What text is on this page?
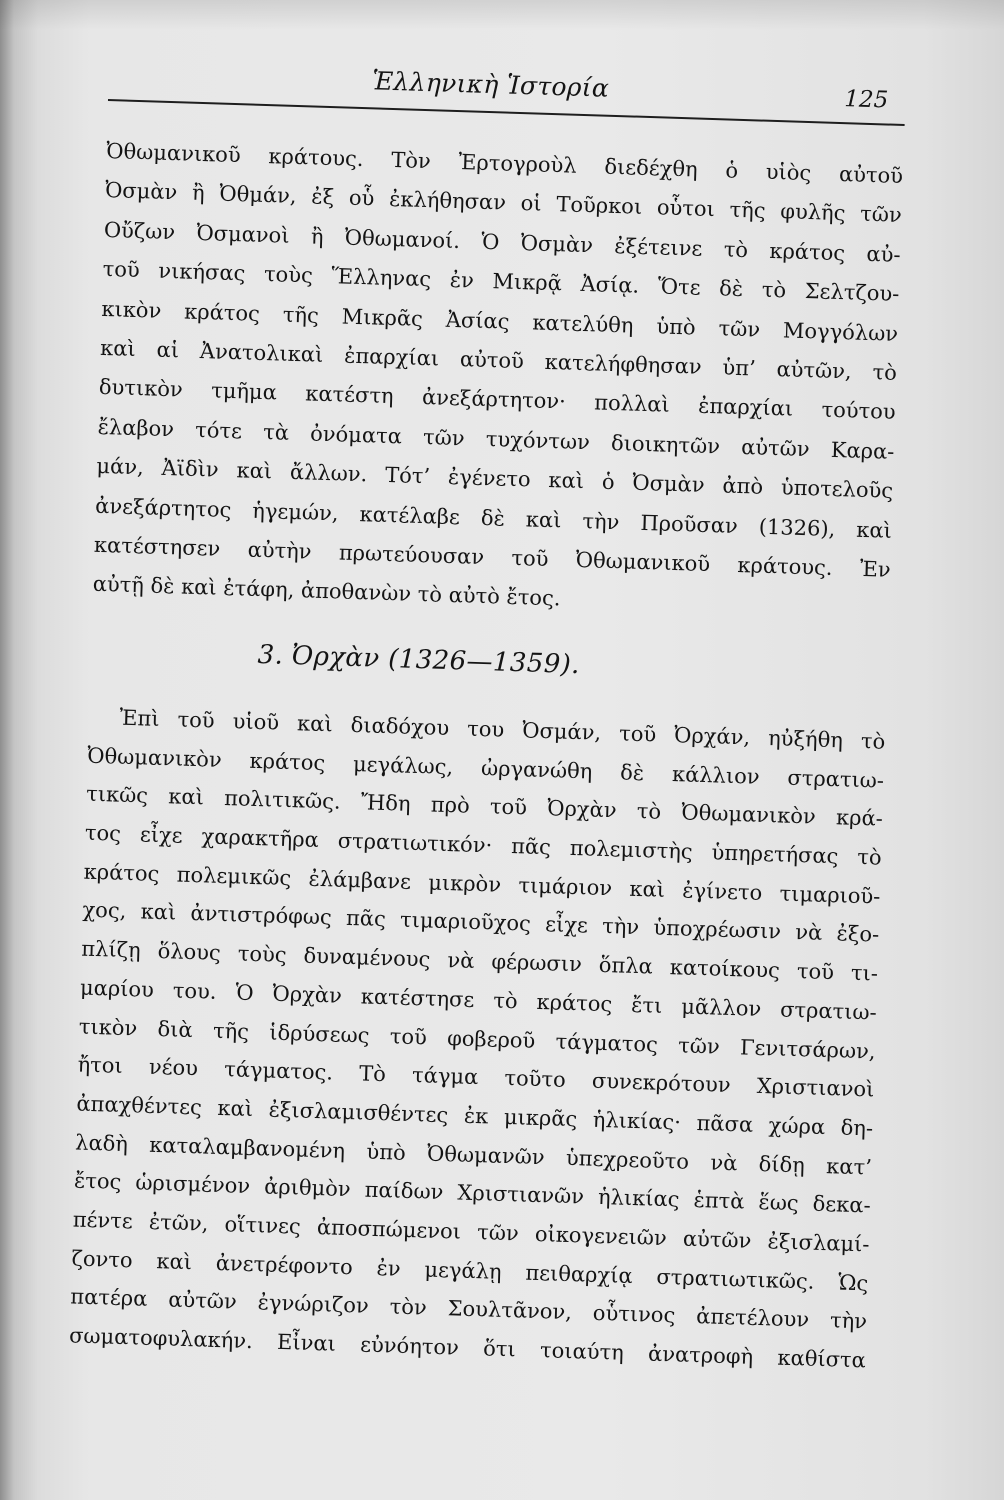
Ἑλληνικὴ Ἱστορία	125
Ὀθωμανικοῦ κράτους. Τὸν Ἐρτογροὺλ διεδέχθη ὁ υἱὸς αὐτοῦ
Ὀσμὰν ἢ Ὀθμάν, ἐξ οὗ ἐκλήθησαν οἱ Τοῦρκοι οὗτοι τῆς φυλῆς τῶν
Οὔζων Ὀσμανοὶ ἢ Ὀθωμανοί. Ὁ Ὀσμὰν ἐξέτεινε τὸ κράτος αὐ-
τοῦ νικήσας τοὺς Ἕλληνας ἐν Μικρᾷ Ἀσίᾳ. Ὅτε δὲ τὸ Σελτζου-
κικὸν κράτος τῆς Μικρᾶς Ἀσίας κατελύθη ὑπὸ τῶν Μογγόλων
καὶ αἱ Ἀνατολικαὶ ἐπαρχίαι αὐτοῦ κατελήφθησαν ὑπ’ αὐτῶν, τὸ
δυτικὸν τμῆμα κατέστη ἀνεξάρτητον· πολλαὶ ἐπαρχίαι τούτου
ἔλαβον τότε τὰ ὀνόματα τῶν τυχόντων διοικητῶν αὐτῶν Καρα-
μάν, Ἀϊδὶν καὶ ἄλλων. Τότ’ ἐγένετο καὶ ὁ Ὀσμὰν ἀπὸ ὑποτελοῦς
ἀνεξάρτητος ἡγεμών, κατέλαβε δὲ καὶ τὴν Προῦσαν (1326), καὶ
κατέστησεν αὐτὴν πρωτεύουσαν τοῦ Ὀθωμανικοῦ κράτους. Ἐν
αὐτῇ δὲ καὶ ἐτάφη, ἀποθανὼν τὸ αὐτὸ ἔτος.
3. Ὀρχὰν (1326—1359).
Ἐπὶ τοῦ υἱοῦ καὶ διαδόχου του Ὀσμάν, τοῦ Ὀρχάν, ηὐξήθη τὸ
Ὀθωμανικὸν κράτος μεγάλως, ὠργανώθη δὲ κάλλιον στρατιω-
τικῶς καὶ πολιτικῶς. Ἤδη πρὸ τοῦ Ὀρχὰν τὸ Ὀθωμανικὸν κρά-
τος εἶχε χαρακτῆρα στρατιωτικόν· πᾶς πολεμιστὴς ὑπηρετήσας τὸ
κράτος πολεμικῶς ἐλάμβανε μικρὸν τιμάριον καὶ ἐγίνετο τιμαριοῦ-
χος, καὶ ἀντιστρόφως πᾶς τιμαριοῦχος εἶχε τὴν ὑποχρέωσιν νὰ ἐξο-
πλίζῃ ὅλους τοὺς δυναμένους νὰ φέρωσιν ὅπλα κατοίκους τοῦ τι-
μαρίου του. Ὁ Ὀρχὰν κατέστησε τὸ κράτος ἔτι μᾶλλον στρατιω-
τικὸν διὰ τῆς ἱδρύσεως τοῦ φοβεροῦ τάγματος τῶν Γενιτσάρων,
ἤτοι νέου τάγματος. Τὸ τάγμα τοῦτο συνεκρότουν Χριστιανοὶ
ἀπαχθέντες καὶ ἐξισλαμισθέντες ἐκ μικρᾶς ἡλικίας· πᾶσα χώρα δη-
λαδὴ καταλαμβανομένη ὑπὸ Ὀθωμανῶν ὑπεχρεοῦτο νὰ δίδῃ κατ’
ἔτος ὡρισμένον ἀριθμὸν παίδων Χριστιανῶν ἡλικίας ἑπτὰ ἕως δεκα-
πέντε ἐτῶν, οἵτινες ἀποσπώμενοι τῶν οἰκογενειῶν αὐτῶν ἐξισλαμί-
ζοντο καὶ ἀνετρέφοντο ἐν μεγάλῃ πειθαρχίᾳ στρατιωτικῶς. Ὡς
πατέρα αὐτῶν ἐγνώριζον τὸν Σουλτᾶνον, οὗτινος ἀπετέλουν τὴν
σωματοφυλακήν. Εἶναι εὐνόητον ὅτι τοιαύτη ἀνατροφὴ καθίστα
